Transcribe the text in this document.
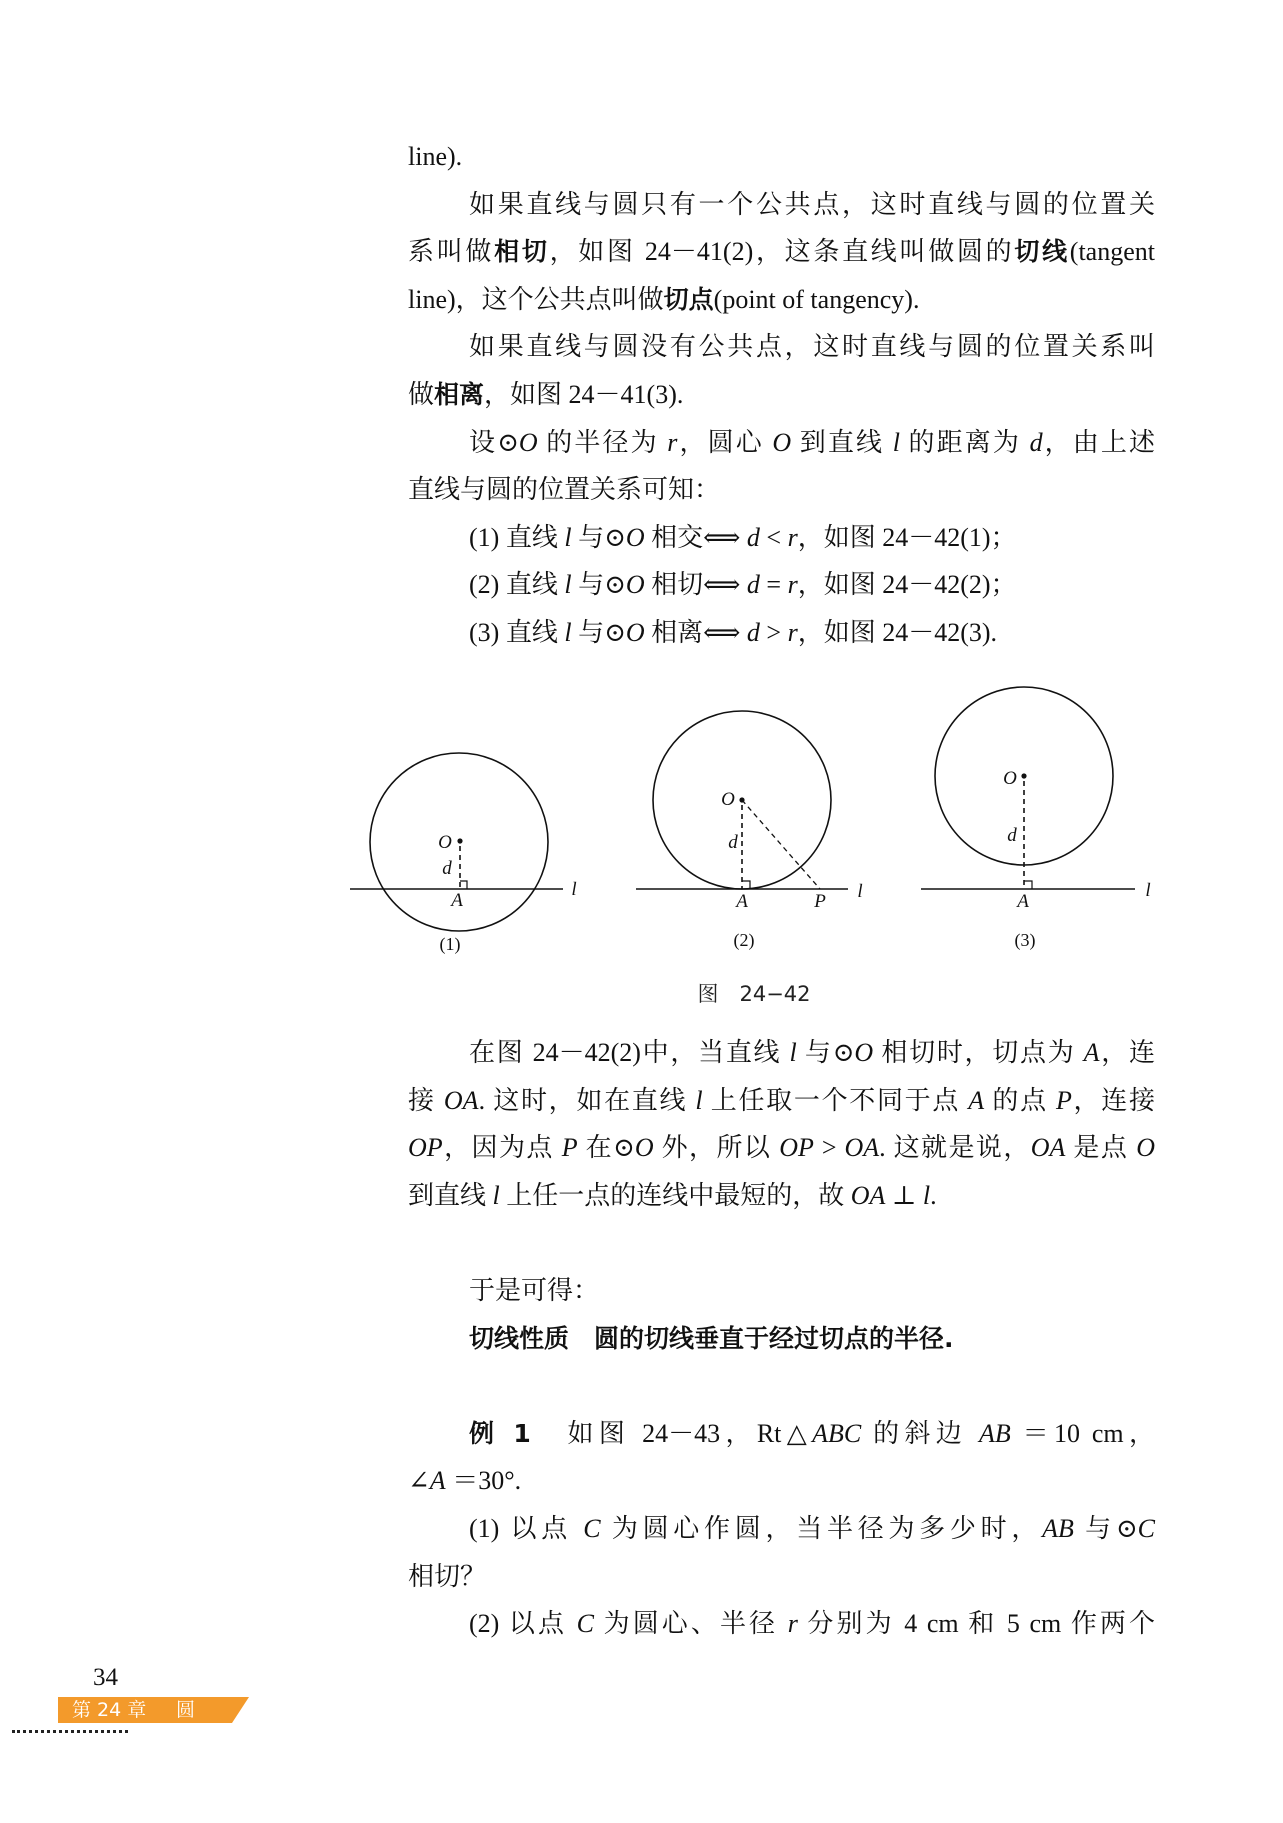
line).
如果直线与圆只有一个公共点，这时直线与圆的位置关
系叫做相切，如图 24－41(2)，这条直线叫做圆的切线(tangent
line)，这个公共点叫做切点(point of tangency).
如果直线与圆没有公共点，这时直线与圆的位置关系叫
做相离，如图 24－41(3).
设⊙O 的半径为 r，圆心 O 到直线 l 的距离为 d，由上述
直线与圆的位置关系可知：
(1) 直线 l 与⊙O 相交⟺ d < r，如图 24－42(1)；
(2) 直线 l 与⊙O 相切⟺ d = r，如图 24－42(2)；
(3) 直线 l 与⊙O 相离⟺ d > r，如图 24－42(3).
O
d
A
l
(1)
O
d
A	P l
(2)
O
d
A
l
(3)
图　24−42
在图 24－42(2)中，当直线 l 与⊙O 相切时，切点为 A，连
接 OA. 这时，如在直线 l 上任取一个不同于点 A 的点 P，连接
OP，因为点 P 在⊙O 外，所以 OP > OA. 这就是说，OA 是点 O
到直线 l 上任一点的连线中最短的，故 OA ⊥ l.
于是可得：
切线性质　圆的切线垂直于经过切点的半径.
例 1　如图 24－43，Rt△ABC 的斜边 AB ＝10 cm，
∠A ＝30°.
(1) 以点 C 为圆心作圆，当半径为多少时，AB 与⊙C
相切？
(2) 以点 C 为圆心、半径 r 分别为 4 cm 和 5 cm 作两个
34
第 24 章 圆
